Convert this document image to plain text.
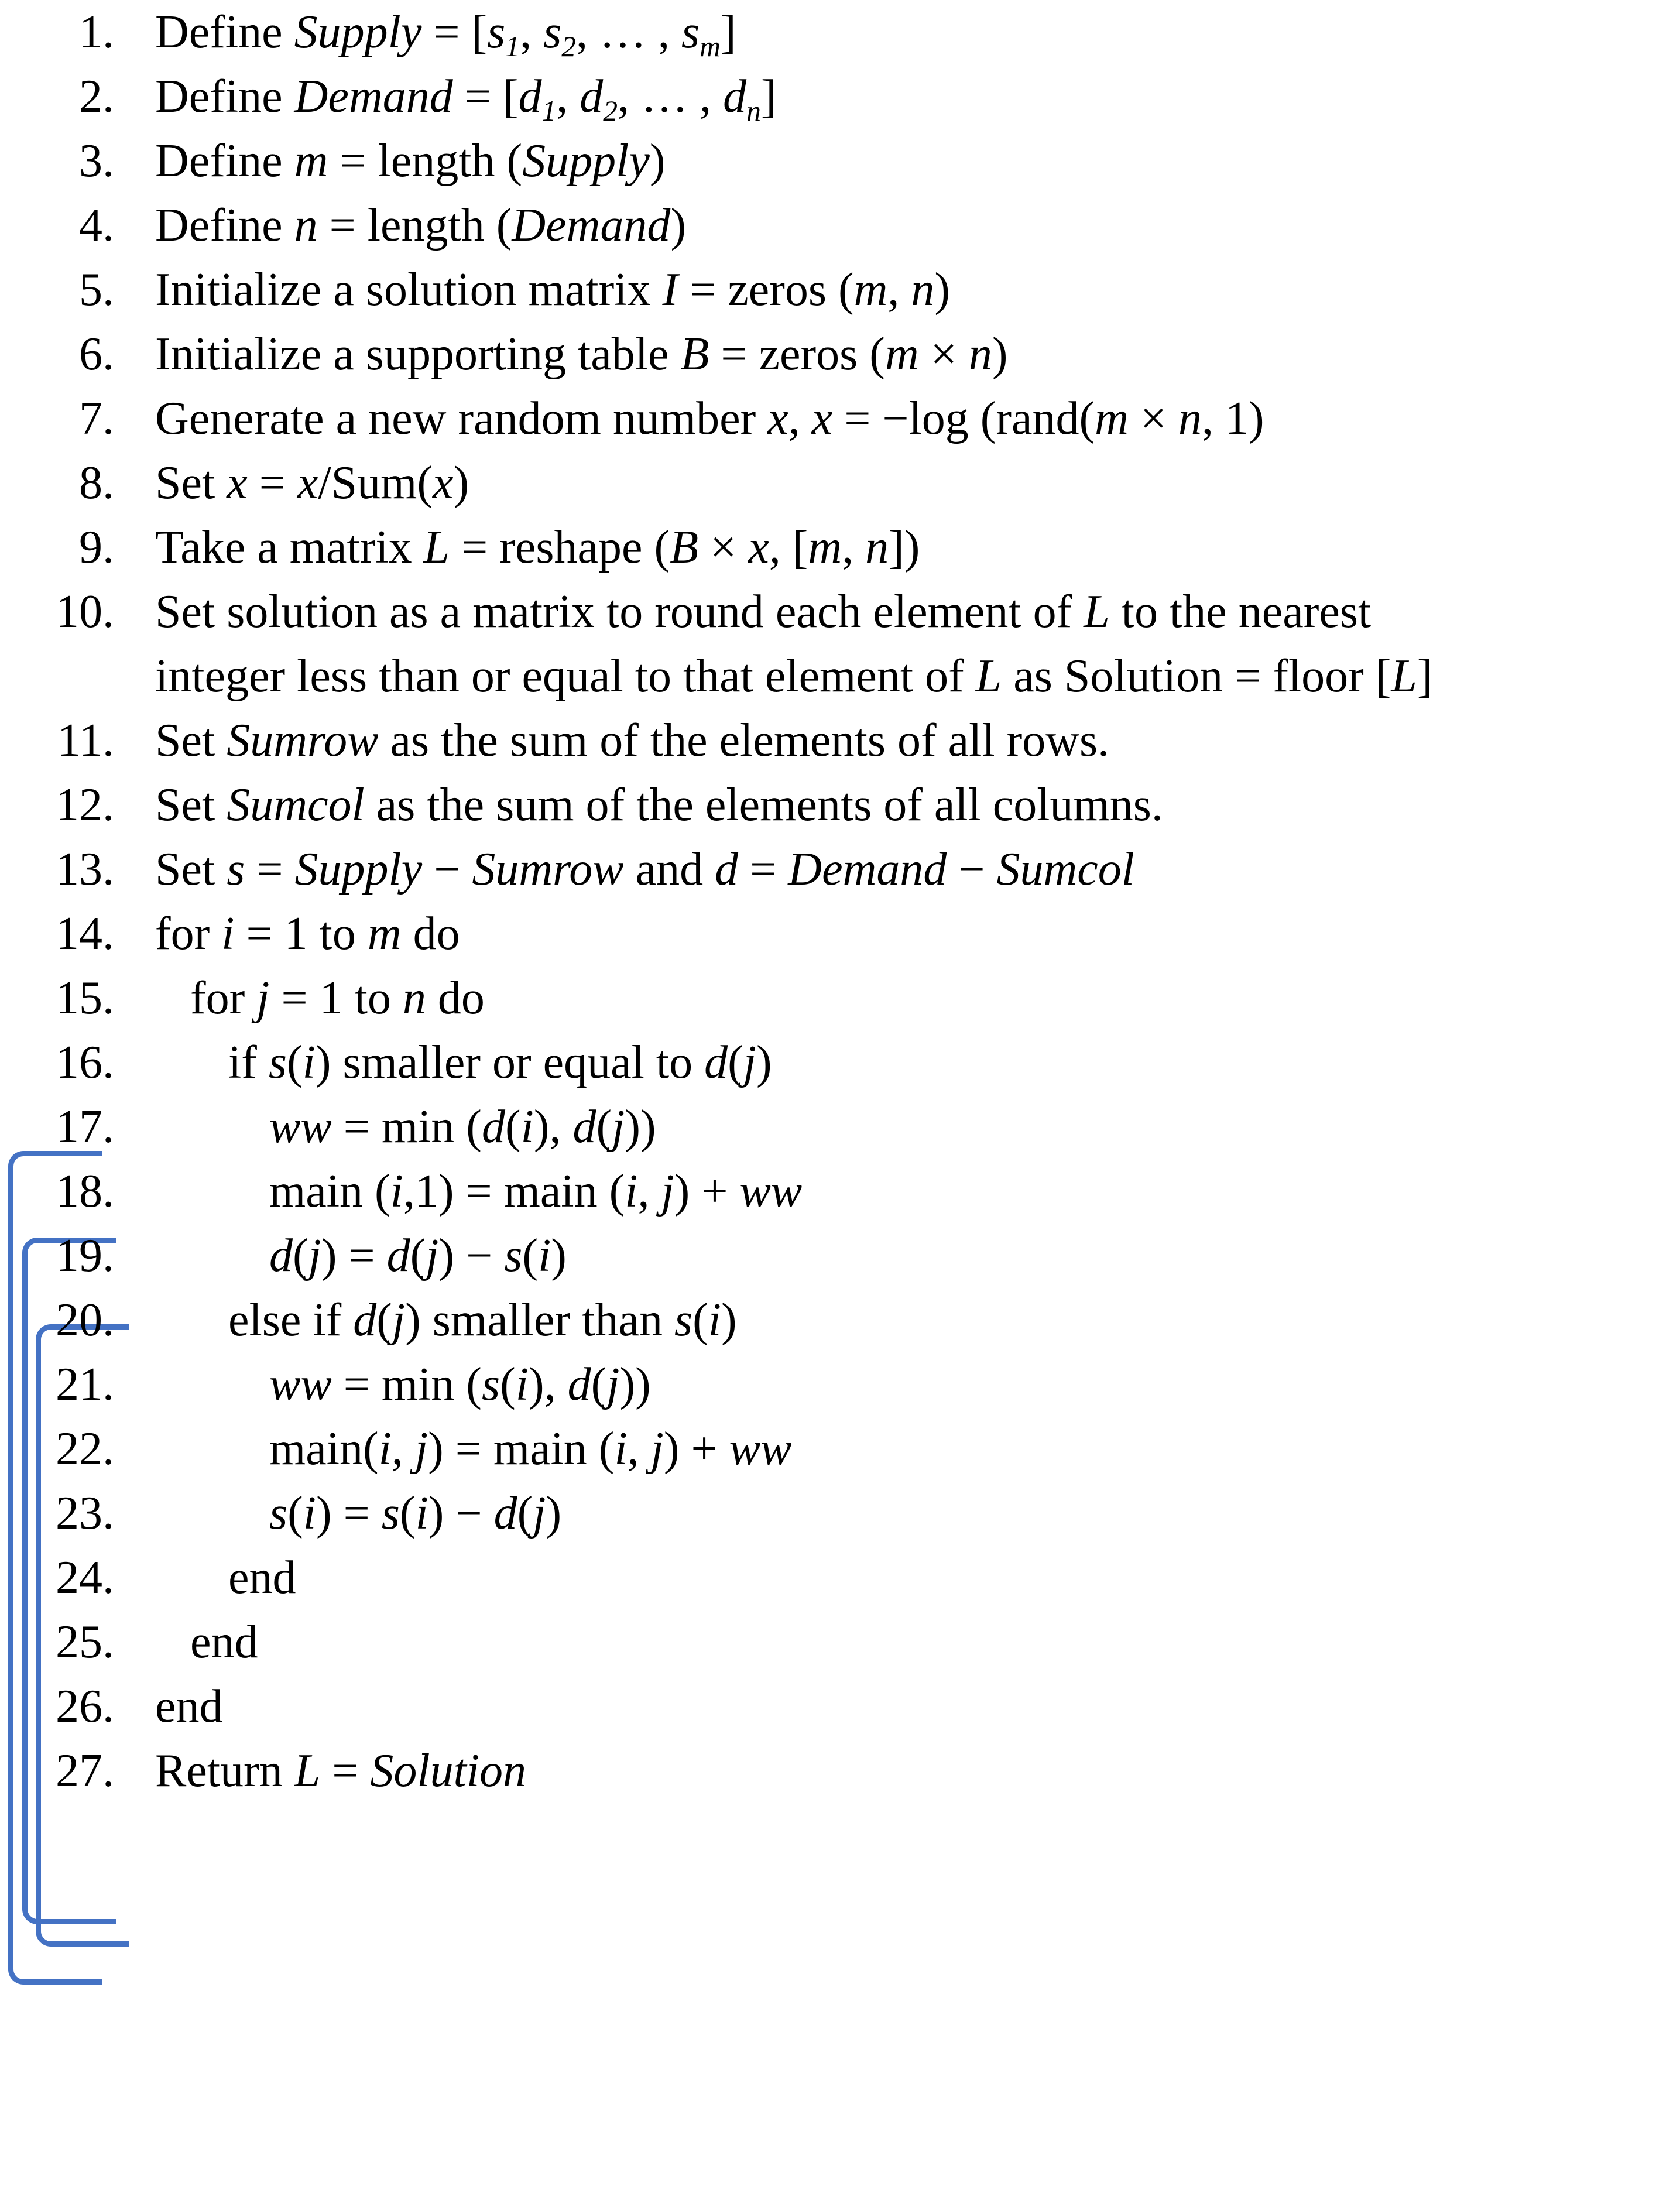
1. Define Supply = [$s_1$, $s_2$, … , $s_m$]
2. Define Demand = [$d_1$, $d_2$, … , $d_n$]
3. Define m = length (Supply)
4. Define n = length (Demand)
5. Initialize a solution matrix I = zeros (m, n)
6. Initialize a supporting table B = zeros (m × n)
7. Generate a new random number x, x = −log (rand(m × n, 1)
8. Set x = x/Sum(x)
9. Take a matrix L = reshape (B × x, [m, n])
10. Set solution as a matrix to round each element of L to the nearest
integer less than or equal to that element of L as Solution = floor [L]
11. Set Sumrow as the sum of the elements of all rows.
12. Set Sumcol as the sum of the elements of all columns.
13. Set s = Supply − Sumrow and d = Demand − Sumcol
14. for i = 1 to m do
15.	for j = 1 to n do
16.	if s(i) smaller or equal to d(j)
17.	ww = min (d(i), d(j))
18.	main (i,1) = main (i, j) + ww
19.	d(j) = d(j) − s(i)
20.	else if d(j) smaller than s(i)
21.	ww = min (s(i), d(j))
22.	main(i, j) = main (i, j) + ww
23.	s(i) = s(i) − d(j)
24.	end
25.	end
26. end
27. Return L = Solution
